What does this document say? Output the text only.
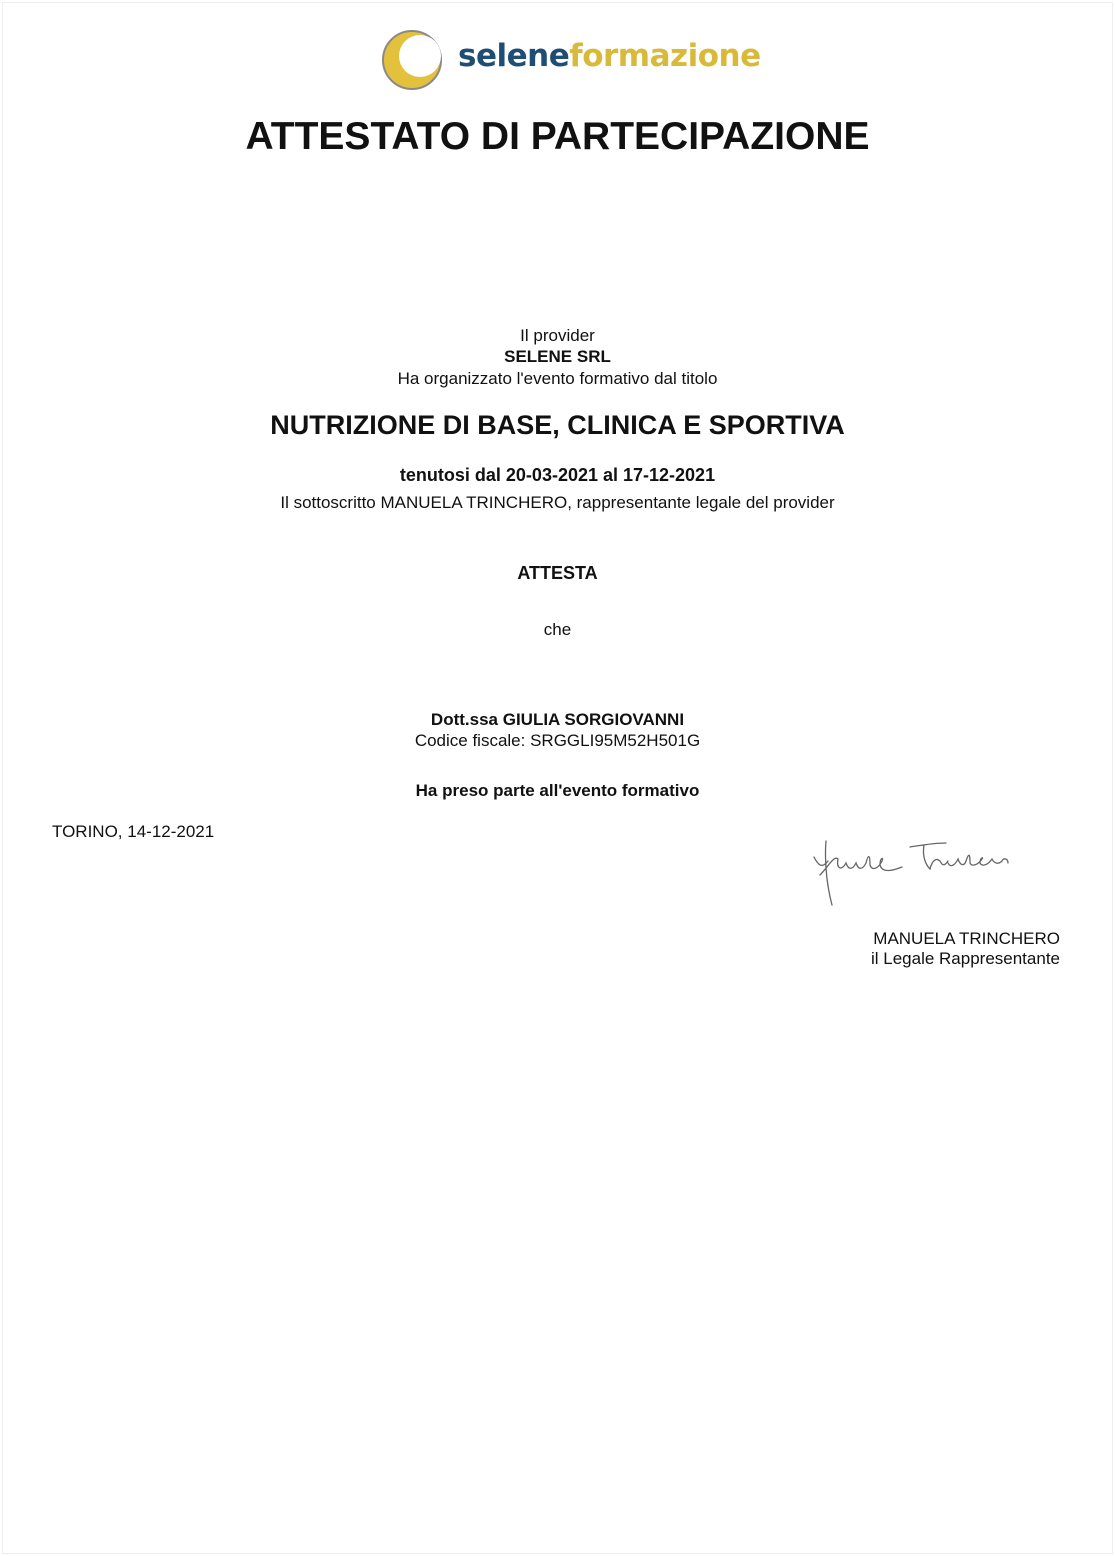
seleneformazione
ATTESTATO DI PARTECIPAZIONE
Il provider
SELENE SRL
Ha organizzato l'evento formativo dal titolo
NUTRIZIONE DI BASE, CLINICA E SPORTIVA
tenutosi dal 20-03-2021 al 17-12-2021
Il sottoscritto MANUELA TRINCHERO, rappresentante legale del provider
ATTESTA
che
Dott.ssa GIULIA SORGIOVANNI
Codice fiscale: SRGGLI95M52H501G
Ha preso parte all'evento formativo
TORINO, 14-12-2021
MANUELA TRINCHERO
il Legale Rappresentante
